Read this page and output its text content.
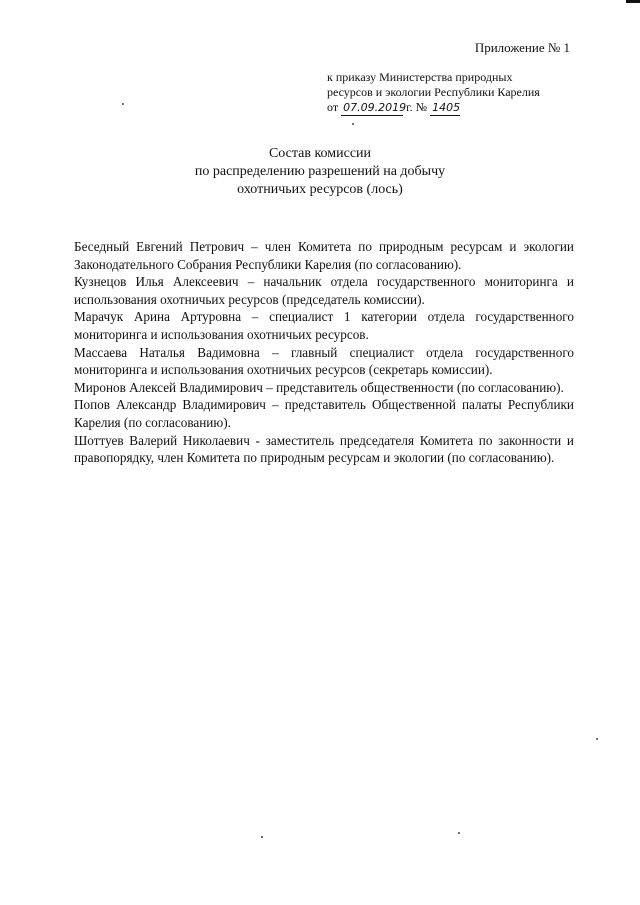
Приложение № 1
к приказу Министерства природных
ресурсов и экологии Республики Карелия
от 07.09.2019 г. № 1405
Состав комиссии
по распределению разрешений на добычу
охотничьих ресурсов (лось)

Беседный Евгений Петрович – член Комитета по природным ресурсам и экологии Законодательного Собрания Республики Карелия (по согласованию).

Кузнецов Илья Алексеевич – начальник отдела государственного мониторинга и использования охотничьих ресурсов (председатель комиссии).

Марачук Арина Артуровна – специалист 1 категории отдела государственного мониторинга и использования охотничьих ресурсов.

Массаева Наталья Вадимовна – главный специалист отдела государственного мониторинга и использования охотничьих ресурсов (секретарь комиссии).

Миронов Алексей Владимирович – представитель общественности (по согласованию).

Попов Александр Владимирович – представитель Общественной палаты Республики Карелия (по согласованию).

Шоттуев Валерий Николаевич - заместитель председателя Комитета по законности и правопорядку, член Комитета по природным ресурсам и экологии (по согласованию).
